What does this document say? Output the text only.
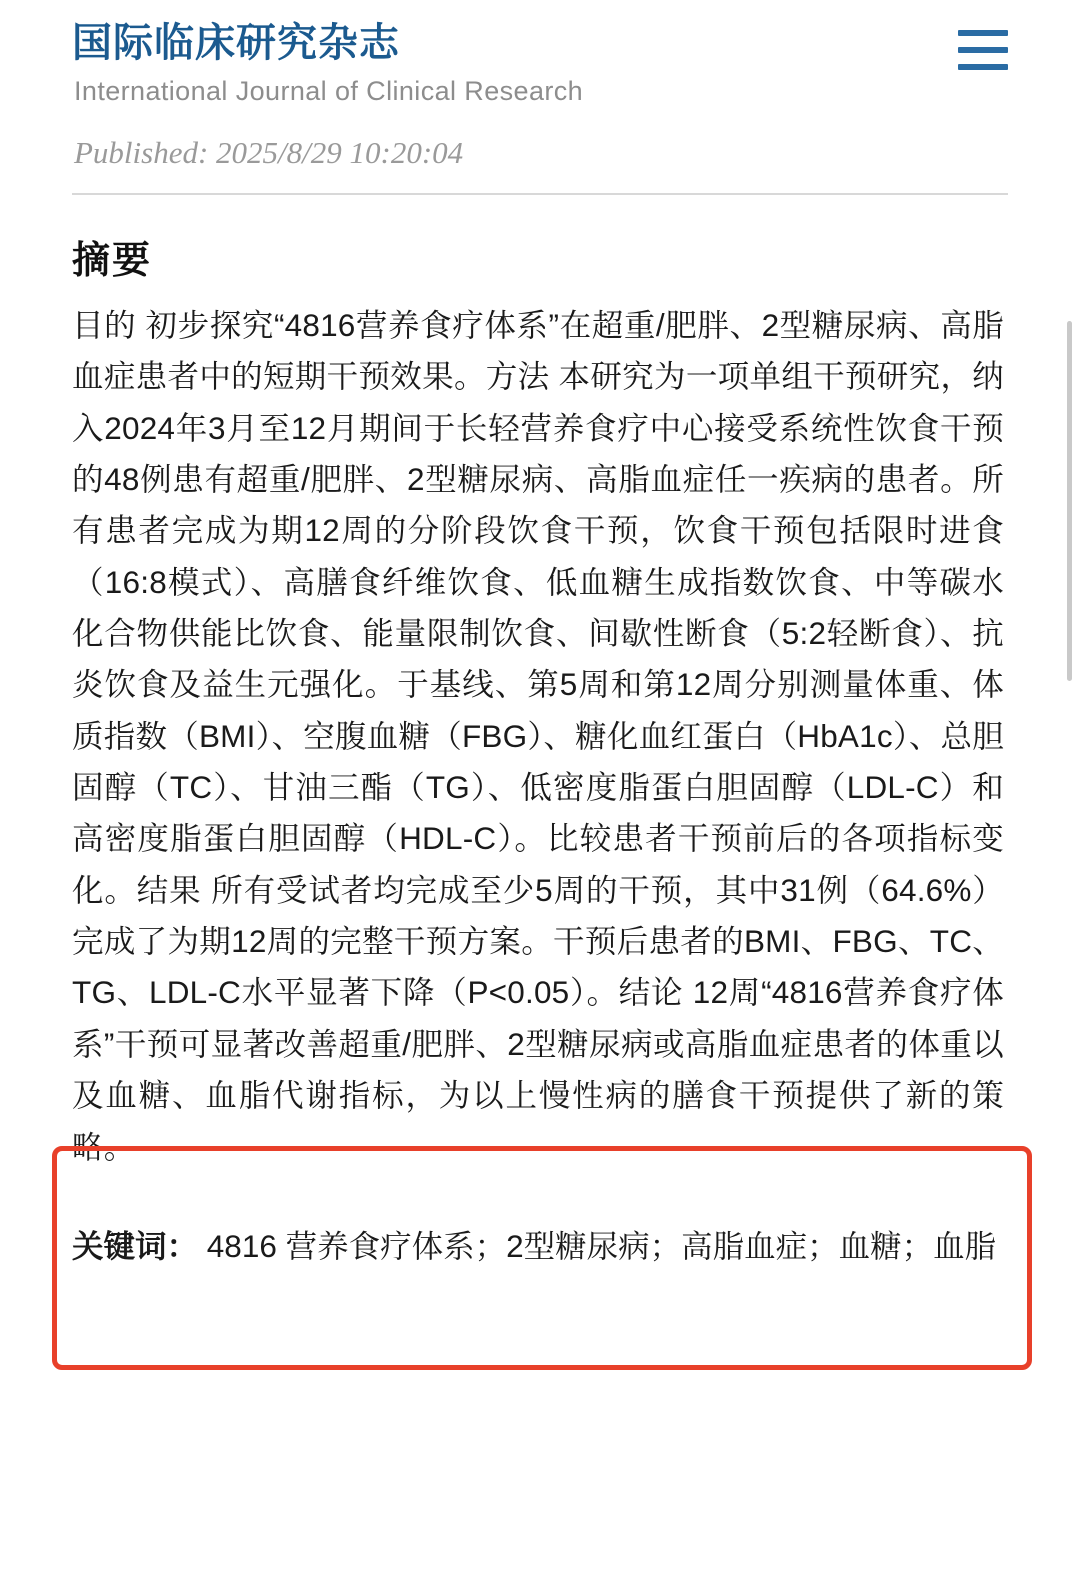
国际临床研究杂志
International Journal of Clinical Research
Published: 2025/8/29 10:20:04
摘要

目的 初步探究“4816营养食疗体系”在超重/肥胖、2型糖尿病、高脂血症患者中的短期干预效果。方法 本研究为一项单组干预研究，纳入2024年3月至12月期间于长轻营养食疗中心接受系统性饮食干预的48例患有超重/肥胖、2型糖尿病、高脂血症任一疾病的患者。所有患者完成为期12周的分阶段饮食干预，饮食干预包括限时进食（16:8模式）、高膳食纤维饮食、低血糖生成指数饮食、中等碳水化合物供能比饮食、能量限制饮食、间歇性断食（5:2轻断食）、抗炎饮食及益生元强化。于基线、第5周和第12周分别测量体重、体质指数（BMI）、空腹血糖（FBG）、糖化血红蛋白（HbA1c）、总胆固醇（TC）、甘油三酯（TG）、低密度脂蛋白胆固醇（LDL-C）和高密度脂蛋白胆固醇（HDL-C）。比较患者干预前后的各项指标变化。结果 所有受试者均完成至少5周的干预，其中31例（64.6%）完成了为期12周的完整干预方案。干预后患者的BMI、FBG、TC、TG、LDL-C水平显著下降（P<0.05）。结论 12周“4816营养食疗体系”干预可显著改善超重/肥胖、2型糖尿病或高脂血症患者的体重以及血糖、血脂代谢指标，为以上慢性病的膳食干预提供了新的策略。

关键词： 4816 营养食疗体系；2型糖尿病；高脂血症；血糖；血脂
